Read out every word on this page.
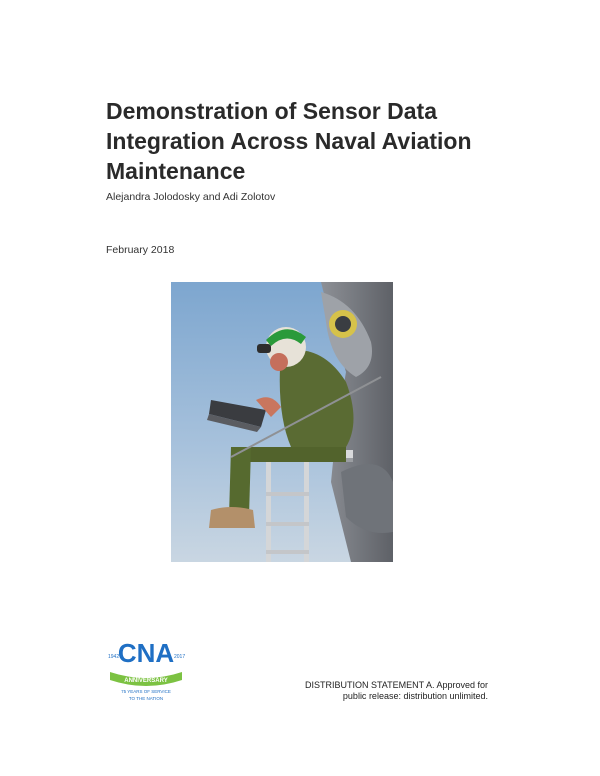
Demonstration of Sensor Data
Integration Across Naval Aviation
Maintenance
Alejandra Jolodosky and Adi Zolotov
February 2018
CNA
1942	2017
ANNIVERSARY
75 YEARS OF SERVICE
TO THE NATION
DISTRIBUTION STATEMENT A. Approved for
public release: distribution unlimited.
